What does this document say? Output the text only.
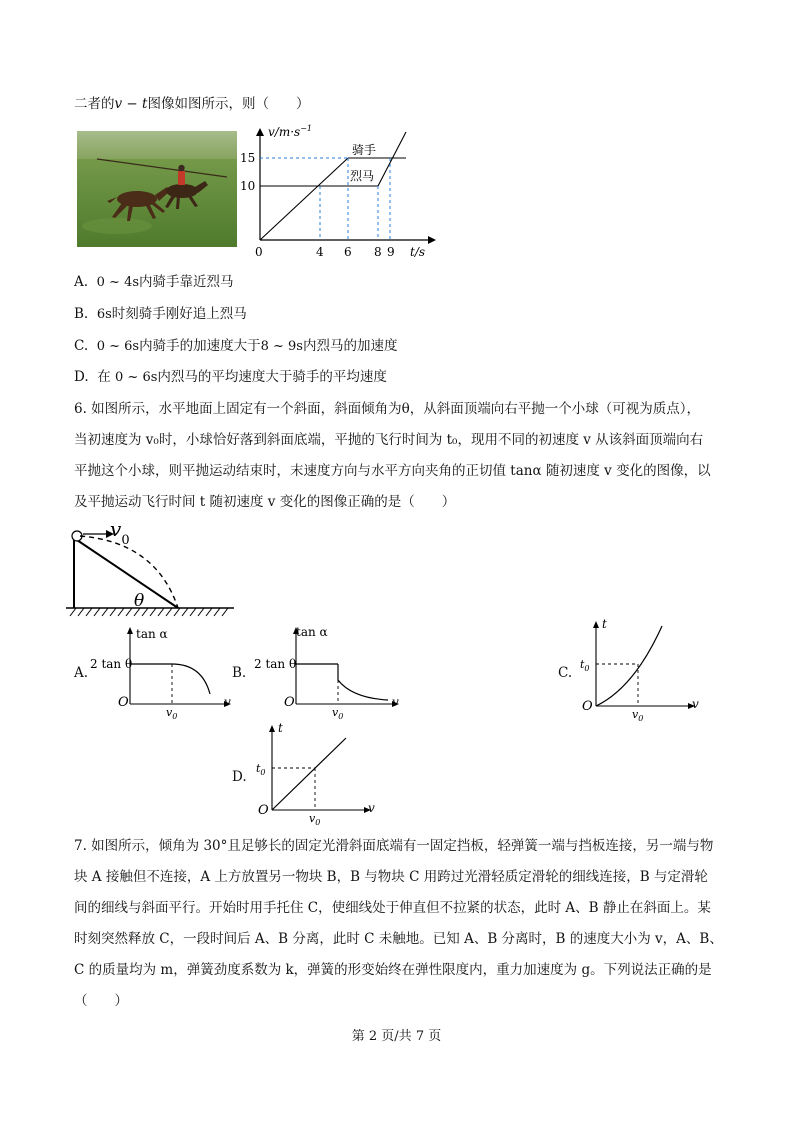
二者的v − t图像如图所示，则（　　）
$v/m\cdot s^{-1}$
15
10
0	4 6 8 9 t/s
骑手
烈马
A. 0 ~ 4s内骑手靠近烈马
B. 6s时刻骑手刚好追上烈马
C. 0 ~ 6s内骑手的加速度大于8 ~ 9s内烈马的加速度
D. 在 0 ~ 6s内烈马的平均速度大于骑手的平均速度
6. 如图所示，水平地面上固定有一个斜面，斜面倾角为θ，从斜面顶端向右平抛一个小球（可视为质点），
当初速度为 v₀时，小球恰好落到斜面底端，平抛的飞行时间为 t₀，现用不同的初速度 v 从该斜面顶端向右
平抛这个小球，则平抛运动结束时，末速度方向与水平方向夹角的正切值 tanα 随初速度 v 变化的图像，以
及平抛运动飞行时间 t 随初速度 v 变化的图像正确的是（　　）
$v_0$
θ
A.
tan α
2 tan θ
O
$v_0$
v
B.
tan α
2 tan θ
O
$v_0$
v
C.
t
$t_0$
O
$v_0$
v
D.
t
$t_0$
O
$v_0$
v
7. 如图所示，倾角为 30°且足够长的固定光滑斜面底端有一固定挡板，轻弹簧一端与挡板连接，另一端与物
块 A 接触但不连接，A 上方放置另一物块 B，B 与物块 C 用跨过光滑轻质定滑轮的细线连接，B 与定滑轮
间的细线与斜面平行。开始时用手托住 C，使细线处于伸直但不拉紧的状态，此时 A、B 静止在斜面上。某
时刻突然释放 C，一段时间后 A、B 分离，此时 C 未触地。已知 A、B 分离时，B 的速度大小为 v，A、B、
C 的质量均为 m，弹簧劲度系数为 k，弹簧的形变始终在弹性限度内，重力加速度为 g。下列说法正确的是
（　　）
第 2 页/共 7 页
